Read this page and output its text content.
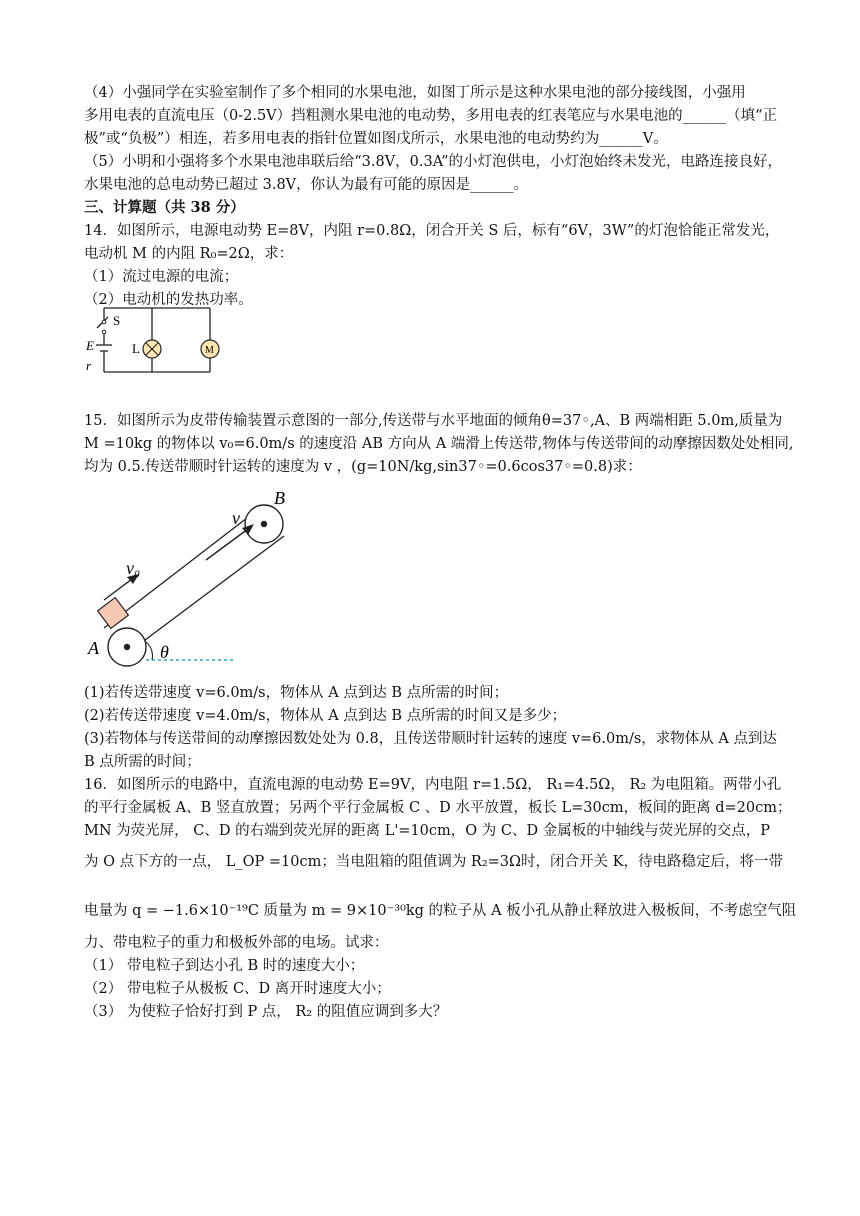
（4）小强同学在实验室制作了多个相同的水果电池，如图丁所示是这种水果电池的部分接线图，小强用
多用电表的直流电压（0-2.5V）挡粗测水果电池的电动势，多用电表的红表笔应与水果电池的______（填“正
极”或“负极”）相连，若多用电表的指针位置如图戊所示，水果电池的电动势约为______V。
（5）小明和小强将多个水果电池串联后给“3.8V，0.3A”的小灯泡供电，小灯泡始终未发光，电路连接良好，
水果电池的总电动势已超过 3.8V，你认为最有可能的原因是______。
三、计算题（共 38 分）
14．如图所示，电源电动势 E=8V，内阻 r=0.8Ω，闭合开关 S 后，标有“6V，3W”的灯泡恰能正常发光，
电动机 M 的内阻 R₀=2Ω，求：
（1）流过电源的电流；
（2）电动机的发热功率。
S
E
r
L	M
15．如图所示为皮带传输装置示意图的一部分,传送带与水平地面的倾角θ=37◦,A、B 两端相距 5.0m,质量为
M =10kg 的物体以 v₀=6.0m/s 的速度沿 AB 方向从 A 端滑上传送带,物体与传送带间的动摩擦因数处处相同,
均为 0.5.传送带顺时针运转的速度为 v ，(g=10N/kg,sin37◦=0.6cos37◦=0.8)求：
A
B
v
v₀
θ
(1)若传送带速度 v=6.0m/s，物体从 A 点到达 B 点所需的时间；
(2)若传送带速度 v=4.0m/s，物体从 A 点到达 B 点所需的时间又是多少；
(3)若物体与传送带间的动摩擦因数处处为 0.8，且传送带顺时针运转的速度 v=6.0m/s，求物体从 A 点到达
B 点所需的时间；
16．如图所示的电路中，直流电源的电动势 E=9V，内电阻 r=1.5Ω， R₁=4.5Ω， R₂ 为电阻箱。两带小孔
的平行金属板 A、B 竖直放置；另两个平行金属板 C 、D 水平放置，板长 L=30cm，板间的距离 d=20cm；
MN 为荧光屏， C、D 的右端到荧光屏的距离 L'=10cm，O 为 C、D 金属板的中轴线与荧光屏的交点，P
为 O 点下方的一点， L_OP =10cm；当电阻箱的阻值调为 R₂=3Ω时，闭合开关 K，待电路稳定后，将一带
电量为 q = −1.6×10⁻¹⁹C 质量为 m = 9×10⁻³⁰kg 的粒子从 A 板小孔从静止释放进入极板间，不考虑空气阻
力、带电粒子的重力和极板外部的电场。试求：
（1） 带电粒子到达小孔 B 时的速度大小；
（2） 带电粒子从极板 C、D 离开时速度大小；
（3） 为使粒子恰好打到 P 点， R₂ 的阻值应调到多大？
